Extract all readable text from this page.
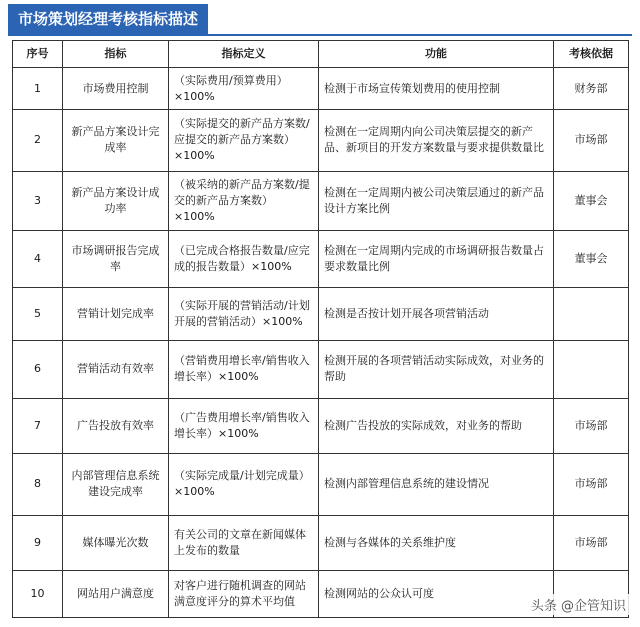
市场策划经理考核指标描述
序号	指标	指标定义	功能	考核依据
1	市场费用控制	（实际费用/预算费用）×100%	检测于市场宣传策划费用的使用控制	财务部
2	新产品方案设计完成率	（实际提交的新产品方案数/应提交的新产品方案数）×100%	检测在一定周期内向公司决策层提交的新产品、新项目的开发方案数量与要求提供数量比	市场部
3	新产品方案设计成功率	（被采纳的新产品方案数/提交的新产品方案数）×100%	检测在一定周期内被公司决策层通过的新产品设计方案比例	董事会
4	市场调研报告完成率	（已完成合格报告数量/应完成的报告数量）×100%	检测在一定周期内完成的市场调研报告数量占要求数量比例	董事会
5	营销计划完成率	（实际开展的营销活动/计划开展的营销活动）×100%	检测是否按计划开展各项营销活动	
6	营销活动有效率	（营销费用增长率/销售收入增长率）×100%	检测开展的各项营销活动实际成效，对业务的帮助	
7	广告投放有效率	（广告费用增长率/销售收入增长率）×100%	检测广告投放的实际成效，对业务的帮助	市场部
8	内部管理信息系统建设完成率	（实际完成量/计划完成量）×100%	检测内部管理信息系统的建设情况	市场部
9	媒体曝光次数	有关公司的文章在新闻媒体上发布的数量	检测与各媒体的关系维护度	市场部
10	网站用户满意度	对客户进行随机调查的网站满意度评分的算术平均值	检测网站的公众认可度	
头条 @企管知识
